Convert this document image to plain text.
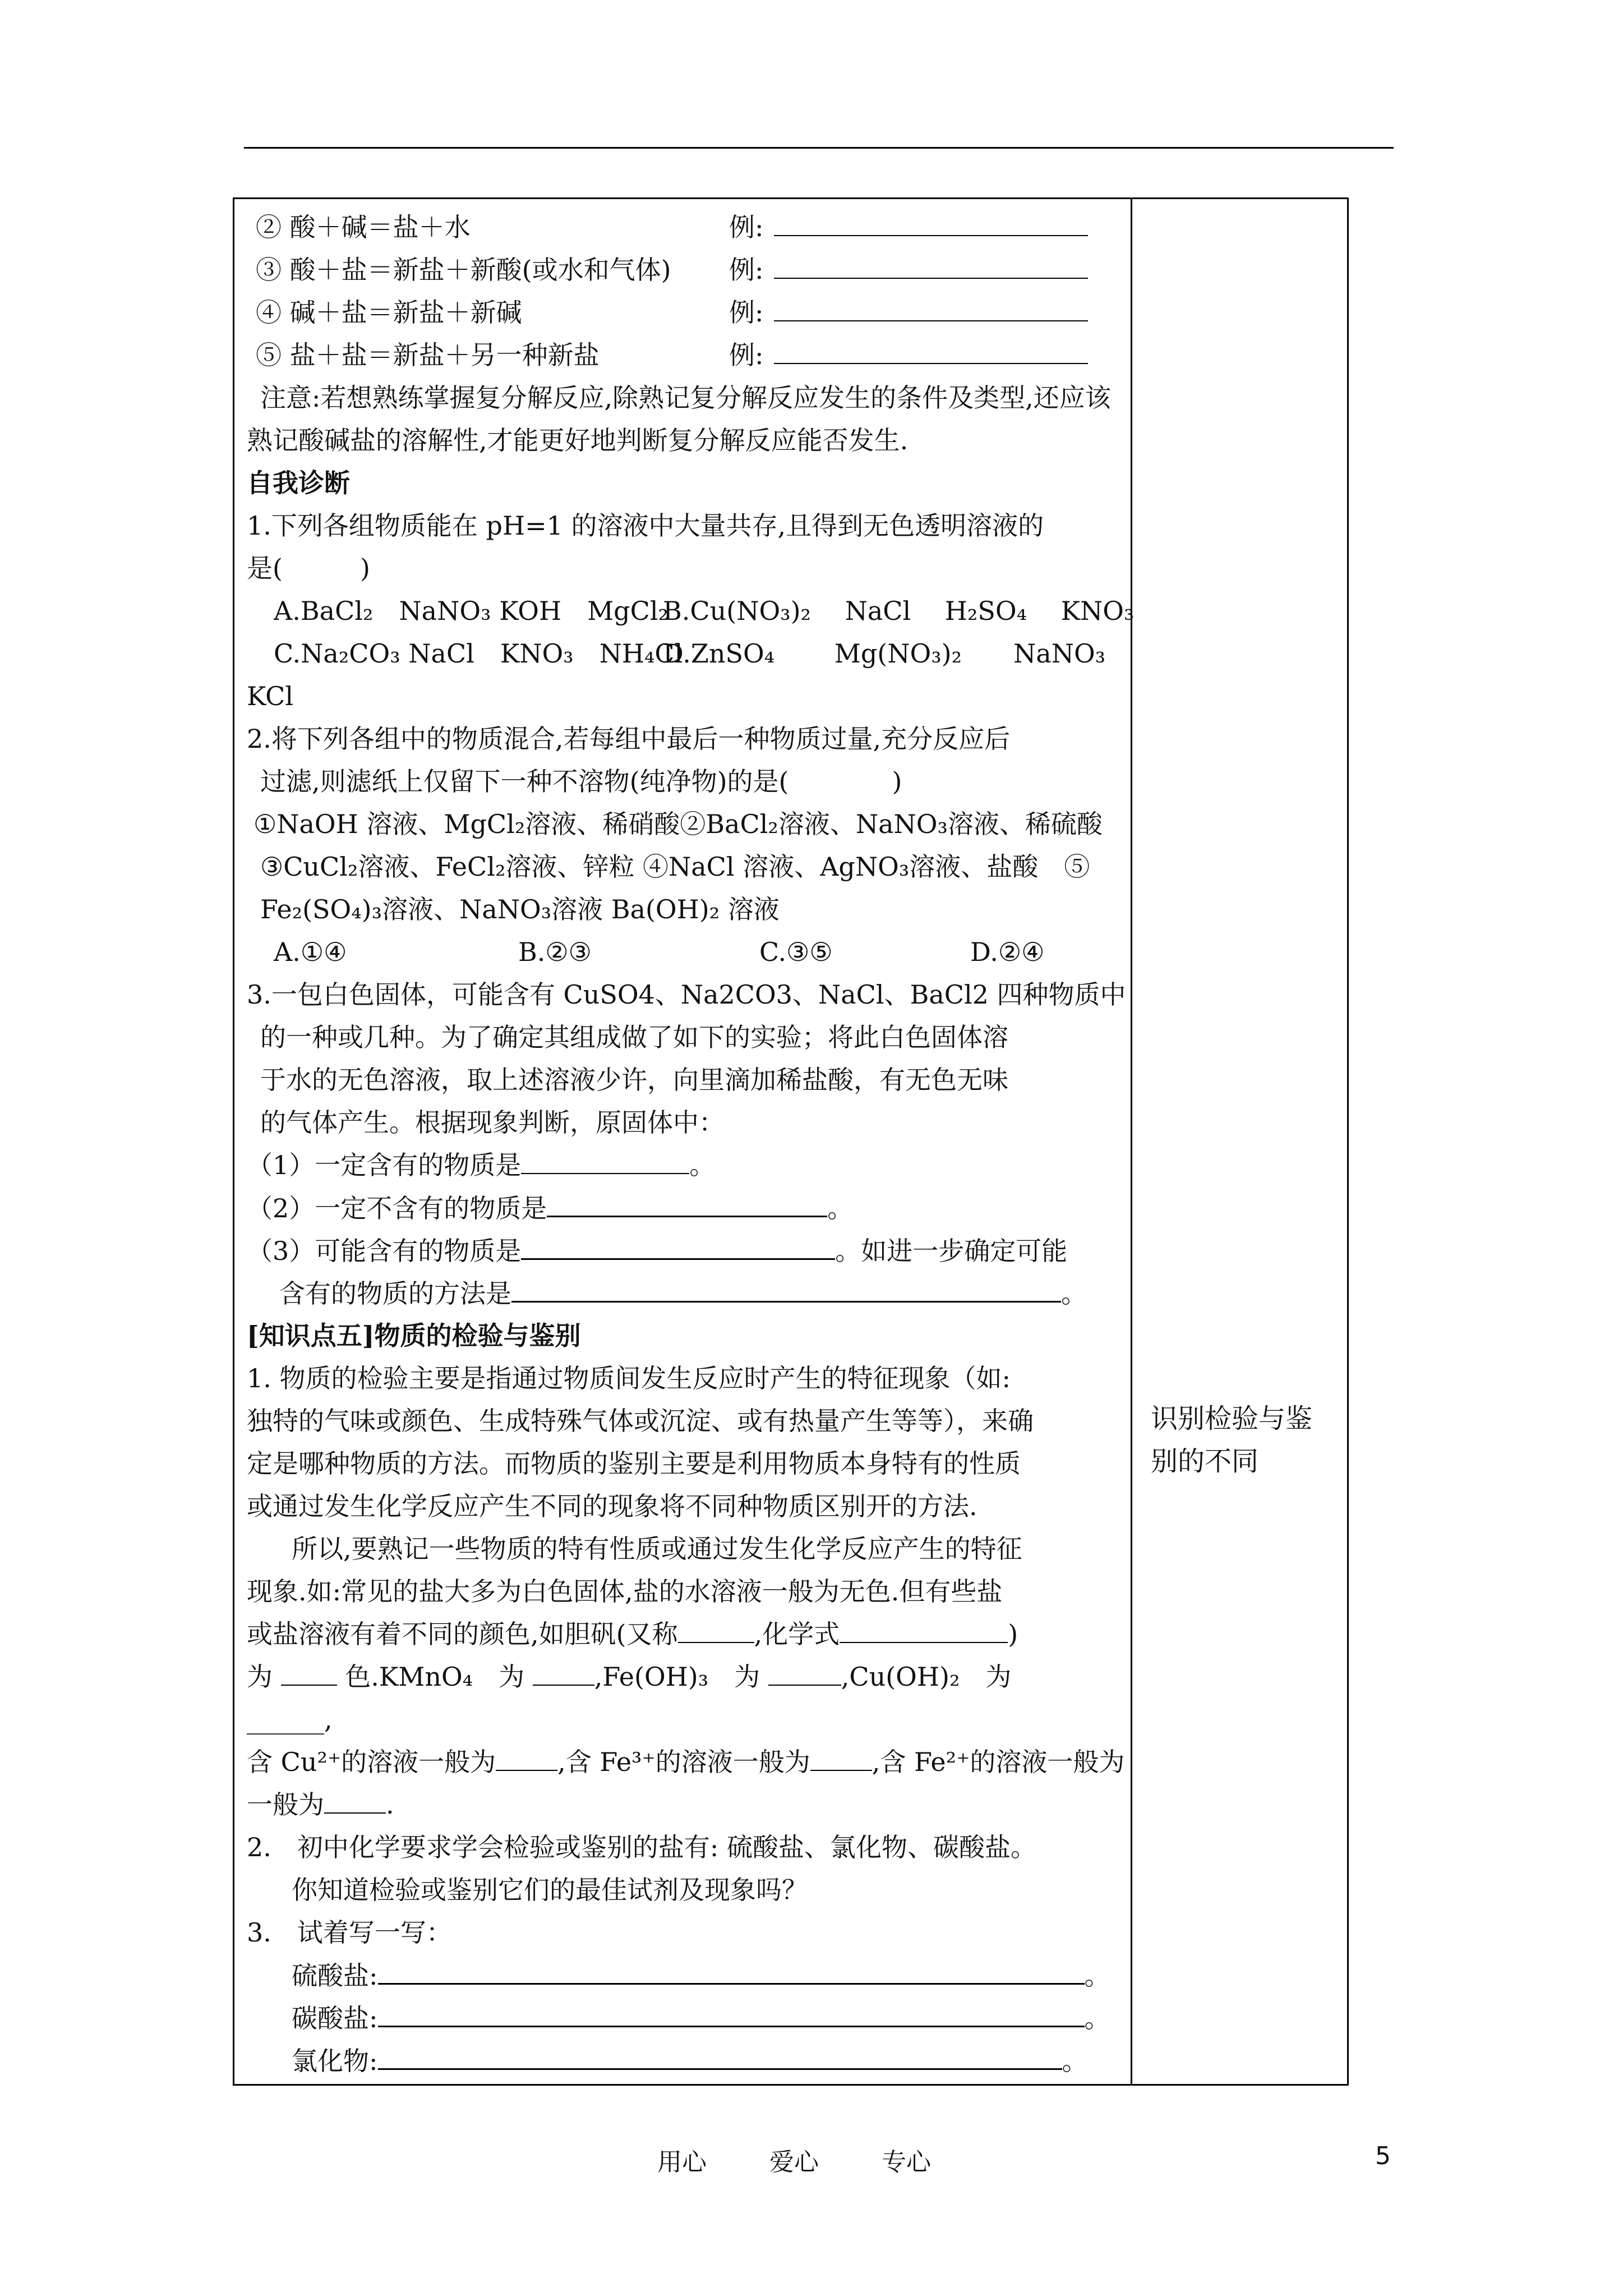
② 酸＋碱＝盐＋水	例:
③ 酸＋盐＝新盐＋新酸(或水和气体) 例:
④ 碱＋盐＝新盐＋新碱	例:
⑤ 盐＋盐＝新盐＋另一种新盐	例:
注意:若想熟练掌握复分解反应,除熟记复分解反应发生的条件及类型,还应该熟记酸碱盐的溶解性,才能更好地判断复分解反应能否发生.
自我诊断
1.下列各组物质能在 pH=1 的溶液中大量共存,且得到无色透明溶液的
是(　　　)
A.BaCl₂　NaNO₃ KOH　MgCl₂
B.Cu(NO₃)₂　 NaCl　 H₂SO₄　 KNO₃
C.Na₂CO₃ NaCl　KNO₃　NH₄Cl
D.ZnSO₄　　 Mg(NO₃)₂　　NaNO₃
KCl
2.将下列各组中的物质混合,若每组中最后一种物质过量,充分反应后
过滤,则滤纸上仅留下一种不溶物(纯净物)的是(　　　　)
①NaOH 溶液、MgCl₂溶液、稀硝酸②BaCl₂溶液、NaNO₃溶液、稀硫酸
③CuCl₂溶液、FeCl₂溶液、锌粒 ④NaCl 溶液、AgNO₃溶液、盐酸　⑤
Fe₂(SO₄)₃溶液、NaNO₃溶液 Ba(OH)₂ 溶液
A.①④	B.②③	C.③⑤	D.②④
3.一包白色固体，可能含有 CuSO4、Na2CO3、NaCl、BaCl2 四种物质中
的一种或几种。为了确定其组成做了如下的实验；将此白色固体溶
于水的无色溶液，取上述溶液少许，向里滴加稀盐酸，有无色无味
的气体产生。根据现象判断，原固体中：
（1）一定含有的物质是	。
（2）一定不含有的物质是	。
（3）可能含有的物质是	。如进一步确定可能
含有的物质的方法是	。
[知识点五]物质的检验与鉴别
1. 物质的检验主要是指通过物质间发生反应时产生的特征现象（如:
独特的气味或颜色、生成特殊气体或沉淀、或有热量产生等等），来确
定是哪种物质的方法。而物质的鉴别主要是利用物质本身特有的性质
或通过发生化学反应产生不同的现象将不同种物质区别开的方法.
所以,要熟记一些物质的特有性质或通过发生化学反应产生的特征
现象.如:常见的盐大多为白色固体,盐的水溶液一般为无色.但有些盐
或盐溶液有着不同的颜色,如胆矾(又称	,化学式	)
为	色.KMnO₄　为	,Fe(OH)₃　为	,Cu(OH)₂　为
______,
含 Cu²⁺的溶液一般为 ,含 Fe³⁺的溶液一般为 ,含 Fe²⁺的溶液一般为
一般为 .
2.　初中化学要求学会检验或鉴别的盐有: 硫酸盐、氯化物、碳酸盐。
你知道检验或鉴别它们的最佳试剂及现象吗？
3.　试着写一写：
硫酸盐:	。
碳酸盐:	。
氯化物:	。
识别检验与鉴别的不同
用心	爱心	专心	5
